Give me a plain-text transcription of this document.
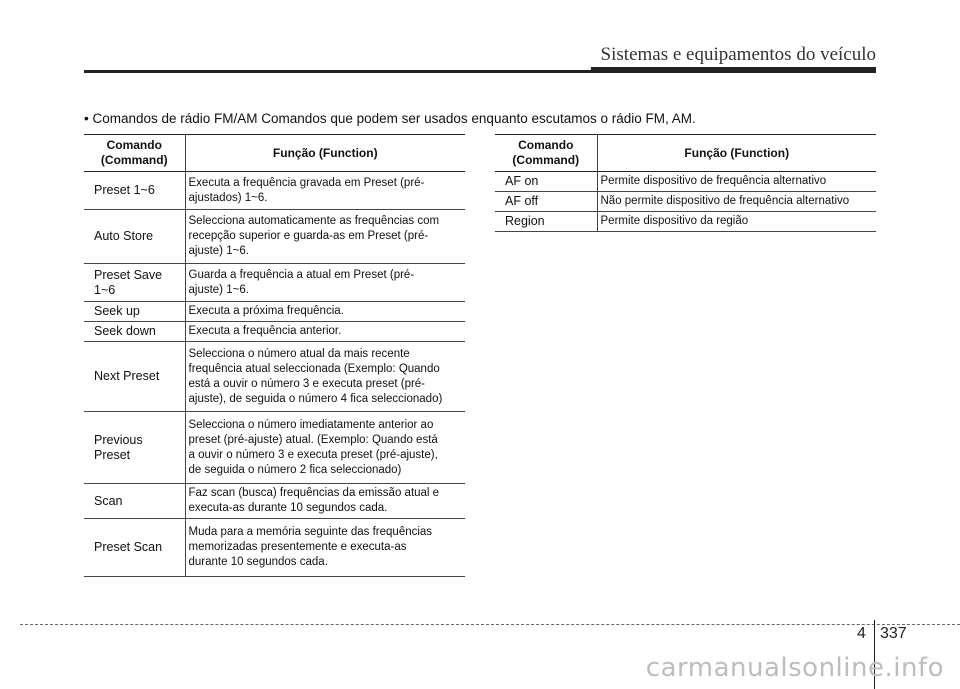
Sistemas e equipamentos do veículo
• Comandos de rádio FM/AM Comandos que podem ser usados enquanto escutamos o rádio FM, AM.
Comando
(Command)	Função (Function)
Preset 1~6	Executa a frequência gravada em Preset (pré-
ajustados) 1~6.
Auto Store	Selecciona automaticamente as frequências com
recepção superior e guarda-as em Preset (pré-
ajuste) 1~6.
Preset Save
1~6	Guarda a frequência a atual em Preset (pré-
ajuste) 1~6.
Seek up	Executa a próxima frequência.
Seek down	Executa a frequência anterior.
Next Preset	Selecciona o número atual da mais recente
frequência atual seleccionada (Exemplo: Quando
está a ouvir o número 3 e executa preset (pré-
ajuste), de seguida o número 4 fica seleccionado)
Previous
Preset	Selecciona o número imediatamente anterior ao
preset (pré-ajuste) atual. (Exemplo: Quando está
a ouvir o número 3 e executa preset (pré-ajuste),
de seguida o número 2 fica seleccionado)
Scan	Faz scan (busca) frequências da emissão atual e
executa-as durante 10 segundos cada.
Preset Scan	Muda para a memória seguinte das frequências
memorizadas presentemente e executa-as
durante 10 segundos cada.
Comando
(Command)	Função (Function)
AF on	Permite dispositivo de frequência alternativo
AF off	Não permite dispositivo de frequência alternativo
Region	Permite dispositivo da região
4 337
carmanualsonline.info
